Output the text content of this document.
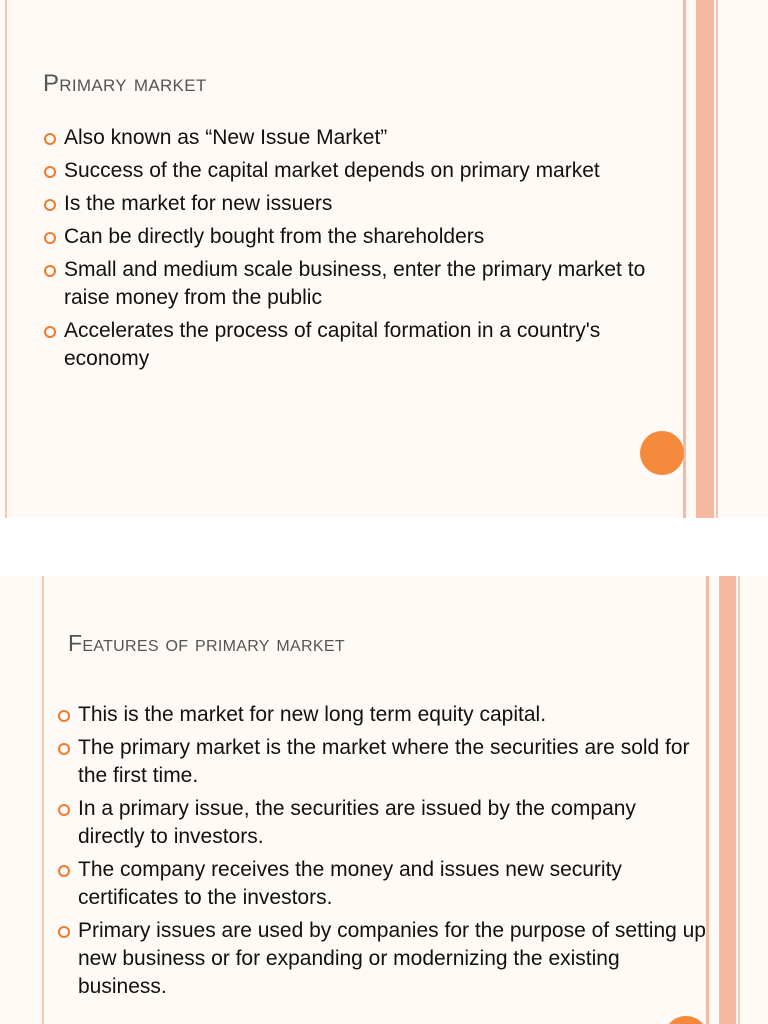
Primary market
Also known as “New Issue Market”
Success of the capital market depends on primary market
Is the market for new issuers
Can be directly bought from the shareholders
Small and medium scale business, enter the primary market to raise money from the public
Accelerates the process of capital formation in a country's economy
Features of primary market
This is the market for new long term equity capital.
The primary market is the market where the securities are sold for the first time.
In a primary issue, the securities are issued by the company directly to investors.
The company receives the money and issues new security certificates to the investors.
Primary issues are used by companies for the purpose of setting up new business or for expanding or modernizing the existing business.
